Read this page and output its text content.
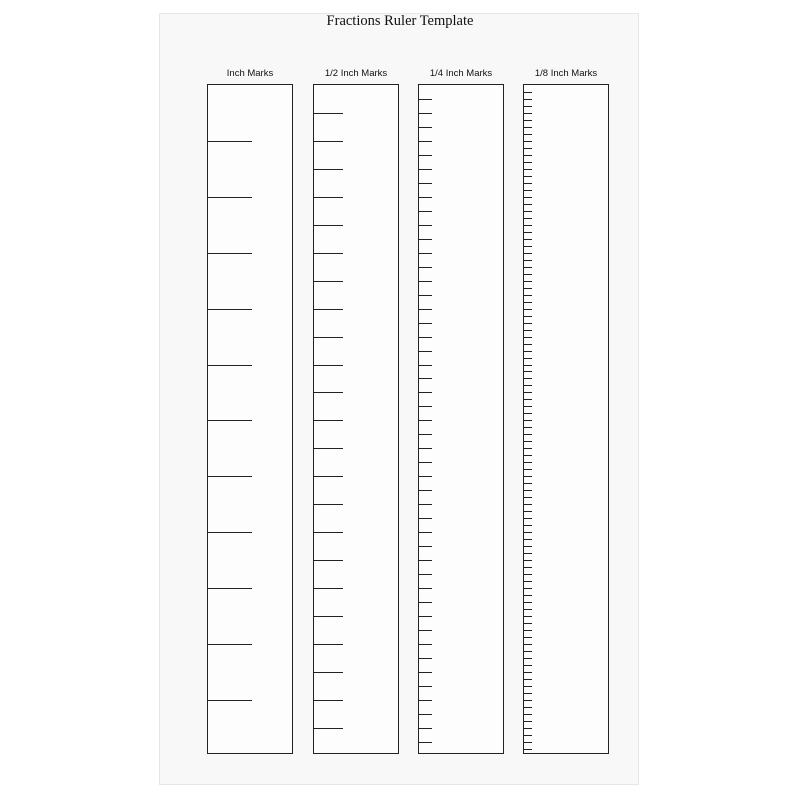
Fractions Ruler Template
Inch Marks	1/2 Inch Marks	1/4 Inch Marks	1/8 Inch Marks
